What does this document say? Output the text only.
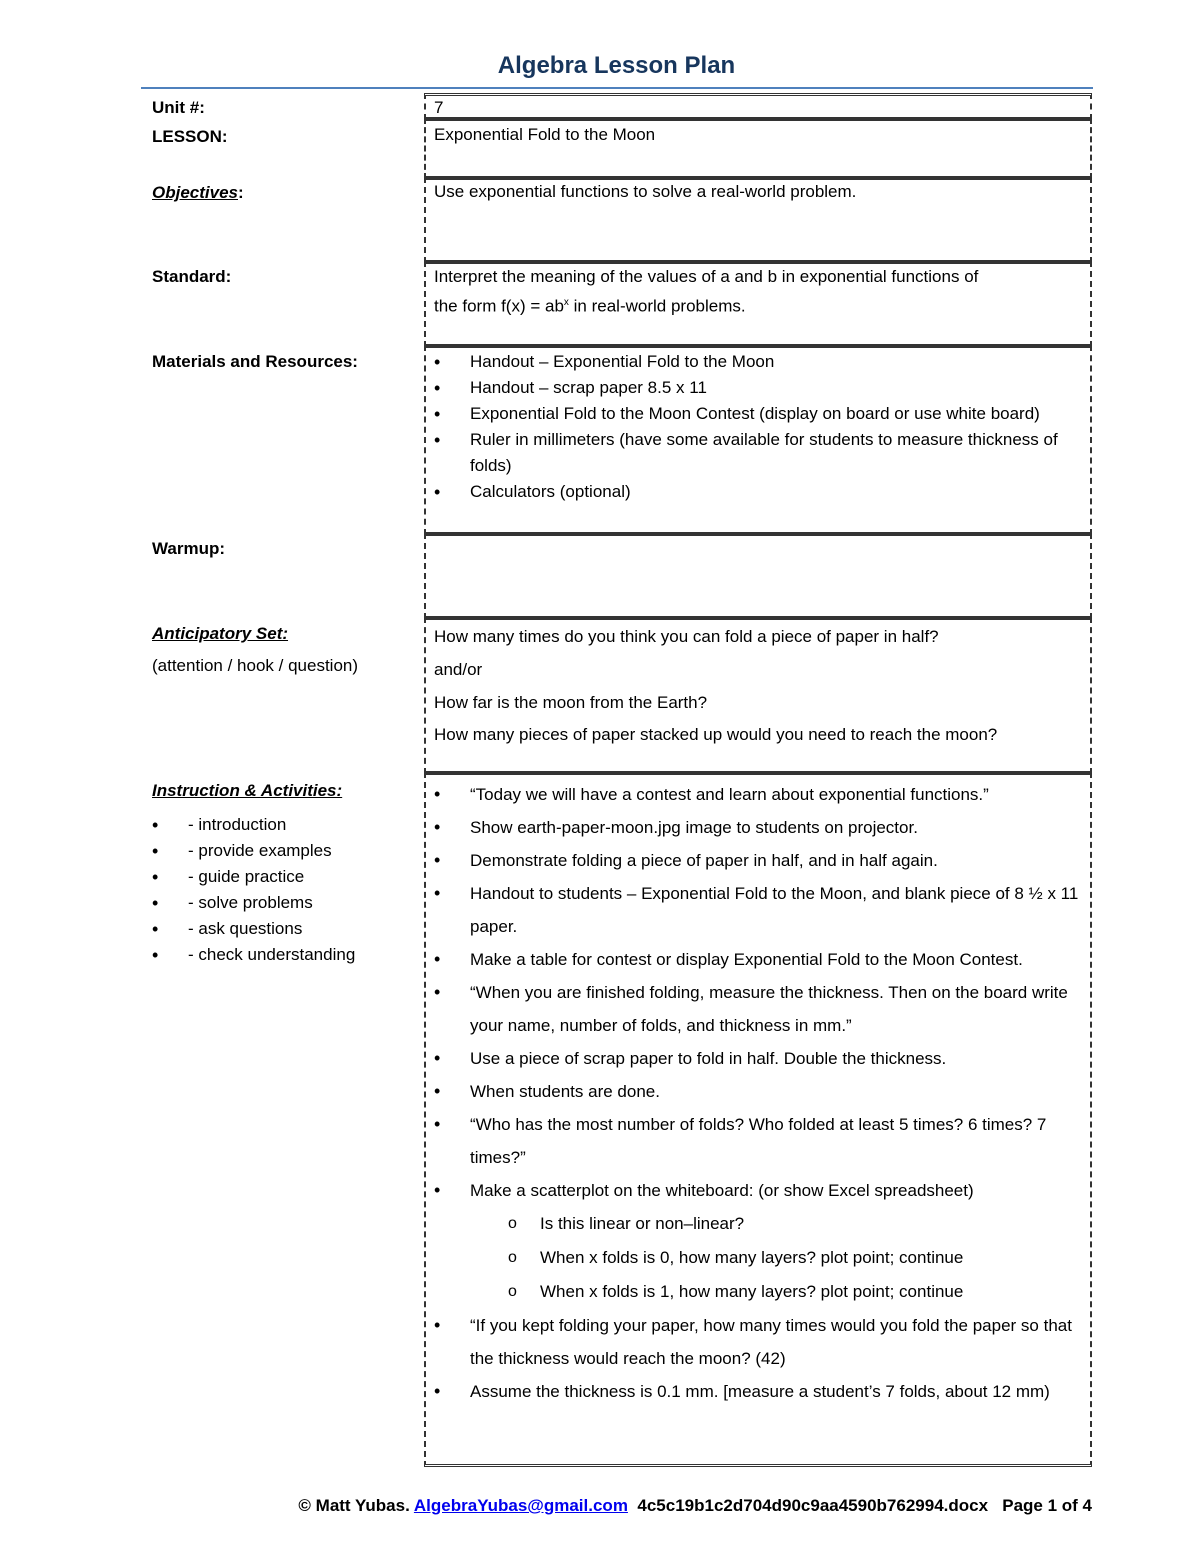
Algebra Lesson Plan
Unit #:	7
LESSON:	Exponential Fold to the Moon
Objectives:	Use exponential functions to solve a real-world problem.
Standard:	Interpret the meaning of the values of a and b in exponential functions of
the form $f(x) = ab^x$ in real-world problems.
Materials and Resources:
•	Handout – Exponential Fold to the Moon
• Handout – scrap paper 8.5 x 11
• Exponential Fold to the Moon Contest (display on board or use white board)
• Ruler in millimeters (have some available for students to measure thickness of folds)
• Calculators (optional)
Warmup:
Anticipatory Set:
(attention / hook / question)
How many times do you think you can fold a piece of paper in half?
and/or
How far is the moon from the Earth?
How many pieces of paper stacked up would you need to reach the moon?
Instruction & Activities:
• - introduction
• - provide examples
• - guide practice
• - solve problems
• - ask questions
• - check understanding
• “Today we will have a contest and learn about exponential functions.”
• Show earth-paper-moon.jpg image to students on projector.
• Demonstrate folding a piece of paper in half, and in half again.
• Handout to students – Exponential Fold to the Moon, and blank piece of 8 ½ x 11 paper.
• Make a table for contest or display Exponential Fold to the Moon Contest.
• “When you are finished folding, measure the thickness. Then on the board write your name, number of folds, and thickness in mm.”
• Use a piece of scrap paper to fold in half. Double the thickness.
• When students are done.
• “Who has the most number of folds? Who folded at least 5 times? 6 times? 7 times?”
• Make a scatterplot on the whiteboard: (or show Excel spreadsheet)
o Is this linear or non–linear?
o When x folds is 0, how many layers? plot point; continue
o When x folds is 1, how many layers? plot point; continue
• “If you kept folding your paper, how many times would you fold the paper so that the thickness would reach the moon? (42)
• Assume the thickness is 0.1 mm. [measure a student’s 7 folds, about 12 mm)
© Matt Yubas. AlgebraYubas@gmail.com 4c5c19b1c2d704d90c9aa4590b762994.docx Page 1 of 4
